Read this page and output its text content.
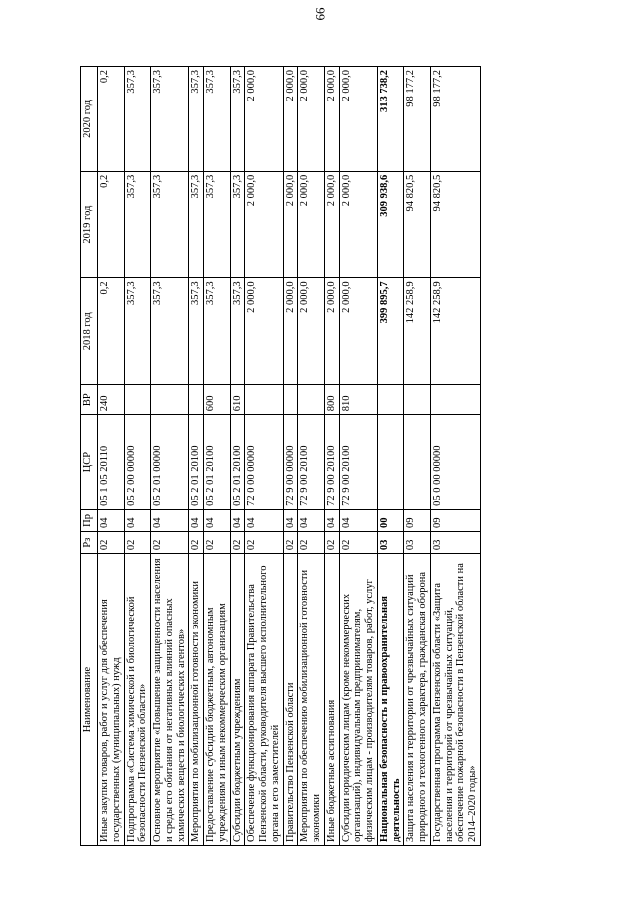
66
Наименование	Рз	Пр	ЦСР	ВР	2018 год	2019 год	2020 год
Иные закупки товаров, работ и услуг для обеспечения государственных (муниципальных) нужд	02	04	05 1 05 20110	240	0,2	0,2	0,2
Подпрограмма «Система химической и биологической безопасности Пензенской области»	02	04	05 2 00 00000		357,3	357,3	357,3
Основное мероприятие «Повышение защищенности населения и среды его обитания от негативных влияний опасных химических веществ и биологических агентов»	02	04	05 2 01 00000		357,3	357,3	357,3
Мероприятия по мобилизационной готовности экономики	02	04	05 2 01 20100		357,3	357,3	357,3
Предоставление субсидий бюджетным, автономным учреждениям и иным некоммерческим организациям	02	04	05 2 01 20100	600	357,3	357,3	357,3
Субсидии бюджетным учреждениям	02	04	05 2 01 20100	610	357,3	357,3	357,3
Обеспечение функционирования аппарата Правительства Пензенской области, руководителя высшего исполнительного органа и его заместителей	02	04	72 0 00 00000		2 000,0	2 000,0	2 000,0
Правительство Пензенской области	02	04	72 9 00 00000		2 000,0	2 000,0	2 000,0
Мероприятия по обеспечению мобилизационной готовности экономики	02	04	72 9 00 20100		2 000,0	2 000,0	2 000,0
Иные бюджетные ассигнования	02	04	72 9 00 20100	800	2 000,0	2 000,0	2 000,0
Субсидии юридическим лицам (кроме некоммерческих организаций), индивидуальным предпринимателям, физическим лицам - производителям товаров, работ, услуг	02	04	72 9 00 20100	810	2 000,0	2 000,0	2 000,0
Национальная безопасность и правоохранительная деятельность	03	00			399 895,7	309 938,6	313 738,2
Защита населения и территории от чрезвычайных ситуаций природного и техногенного характера, гражданская оборона	03	09			142 258,9	94 820,5	98 177,2
Государственная программа Пензенской области «Защита населения и территорий от чрезвычайных ситуаций, обеспечение пожарной безопасности в Пензенской области на 2014–2020 годы»	03	09	05 0 00 00000		142 258,9	94 820,5	98 177,2
